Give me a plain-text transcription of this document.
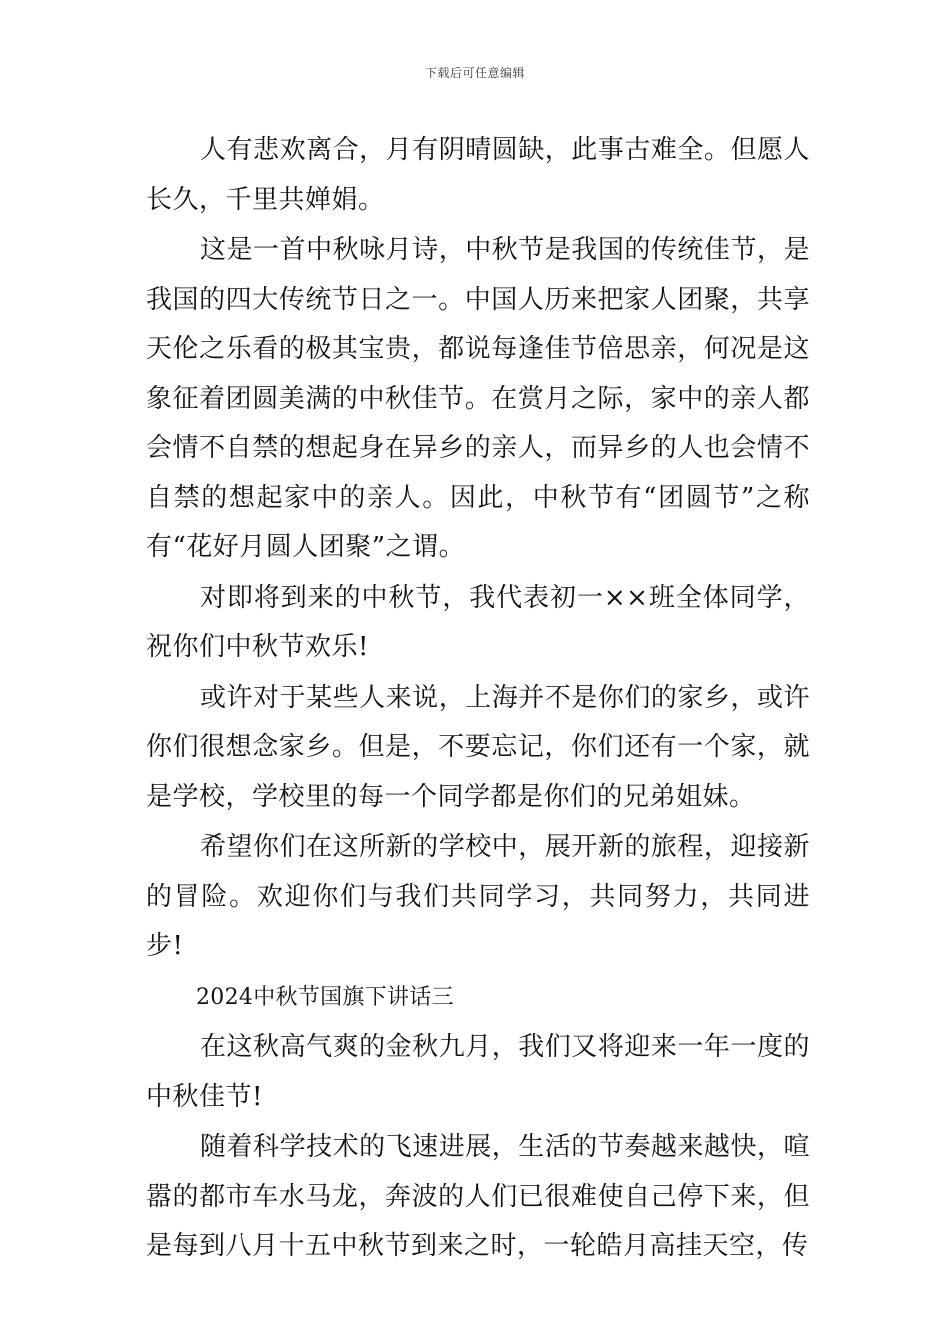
下载后可任意编辑

人有悲欢离合，月有阴晴圆缺，此事古难全。但愿人长久，千里共婵娟。

这是一首中秋咏月诗，中秋节是我国的传统佳节，是我国的四大传统节日之一。中国人历来把家人团聚，共享天伦之乐看的极其宝贵，都说每逢佳节倍思亲，何况是这象征着团圆美满的中秋佳节。在赏月之际，家中的亲人都会情不自禁的想起身在异乡的亲人，而异乡的人也会情不自禁的想起家中的亲人。因此，中秋节有“团圆节”之称有“花好月圆人团聚”之谓。

对即将到来的中秋节，我代表初一××班全体同学，祝你们中秋节欢乐!

或许对于某些人来说，上海并不是你们的家乡，或许你们很想念家乡。但是，不要忘记，你们还有一个家，就是学校，学校里的每一个同学都是你们的兄弟姐妹。

希望你们在这所新的学校中，展开新的旅程，迎接新的冒险。欢迎你们与我们共同学习，共同努力，共同进步!

2024中秋节国旗下讲话三

在这秋高气爽的金秋九月，我们又将迎来一年一度的中秋佳节!

随着科学技术的飞速进展，生活的节奏越来越快，喧嚣的都市车水马龙，奔波的人们已很难使自己停下来，但是每到八月十五中秋节到来之时，一轮皓月高挂天空，传
